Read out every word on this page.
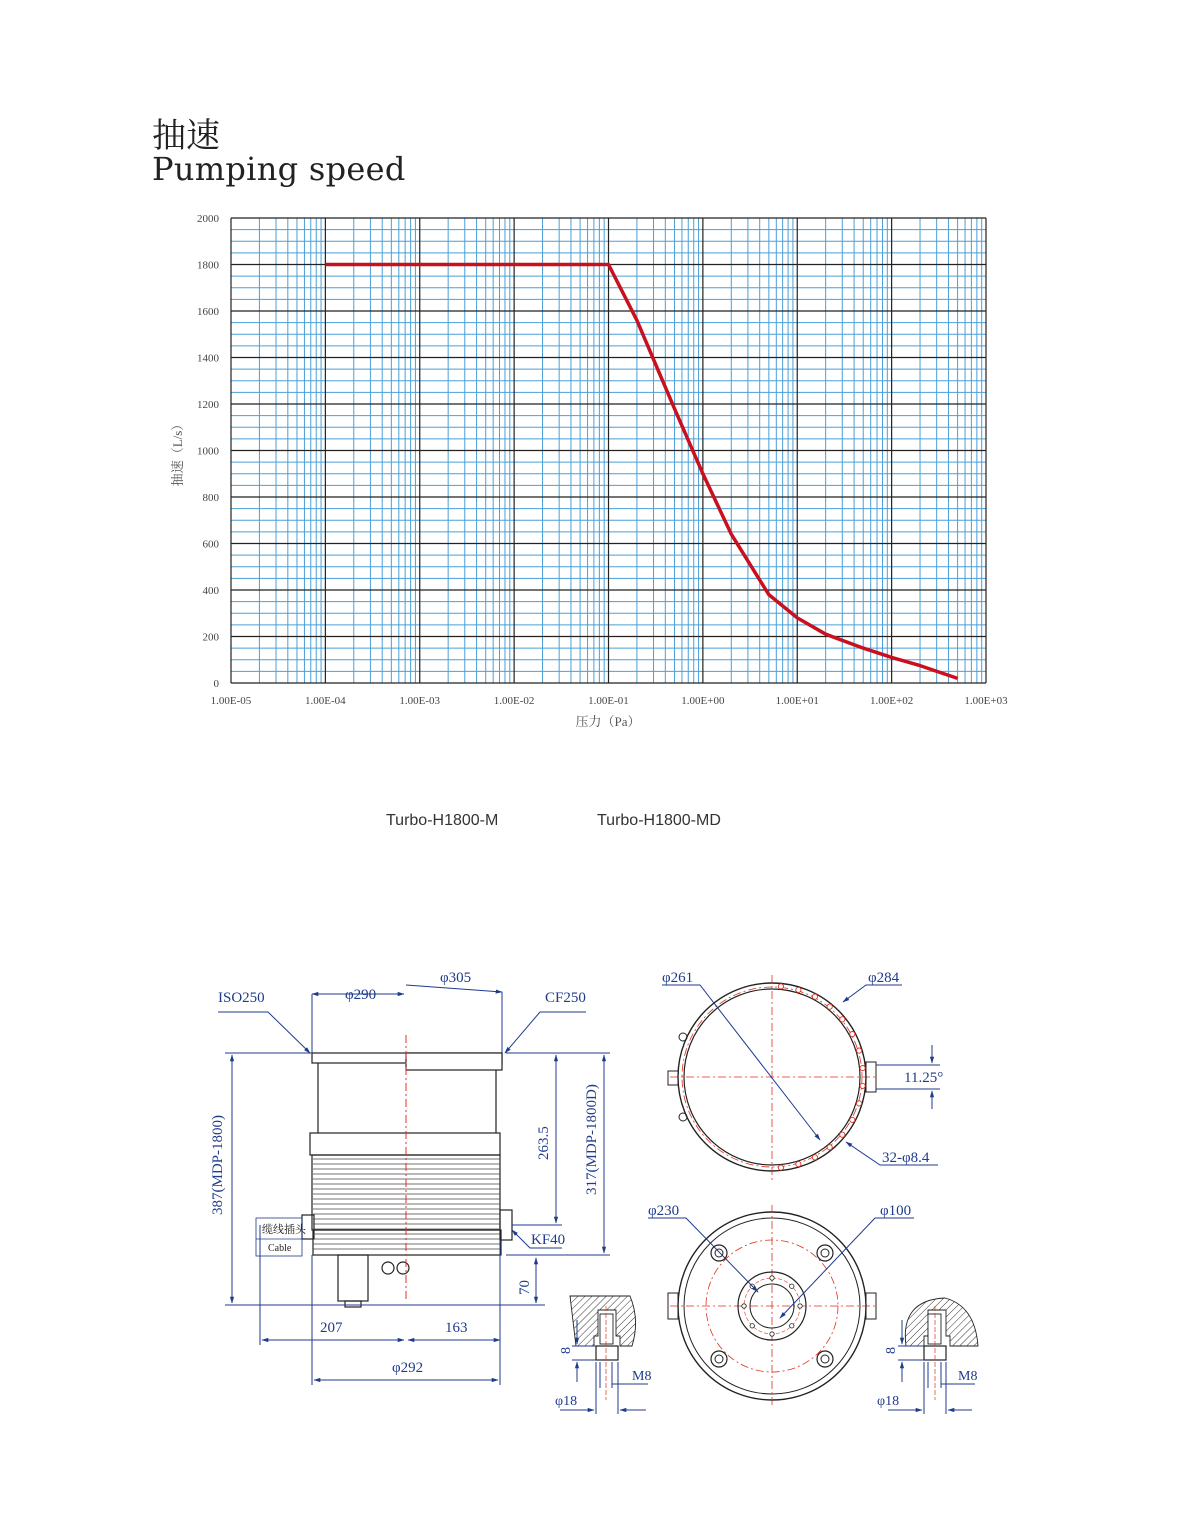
抽速
Pumping speed
0
200
400
600
800
1000
1200
1400
1600
1800
2000
1.00E-05	1.00E-04	1.00E-03	1.00E-02	1.00E-01	1.00E+00	1.00E+01	1.00E+02	1.00E+03
抽速（L/s）
压力（Pa）
Turbo-H1800-M	Turbo-H1800-MD
ISO250	CF250
φ290
φ305
387(MDP-1800)	317(MDP-1800D)
263.5
KF40
70
207	163
φ292
缆线插头
Cable
φ261	φ284
11.25°
32-φ8.4
φ230	φ100
8
M8
φ18
8
M8
φ18
